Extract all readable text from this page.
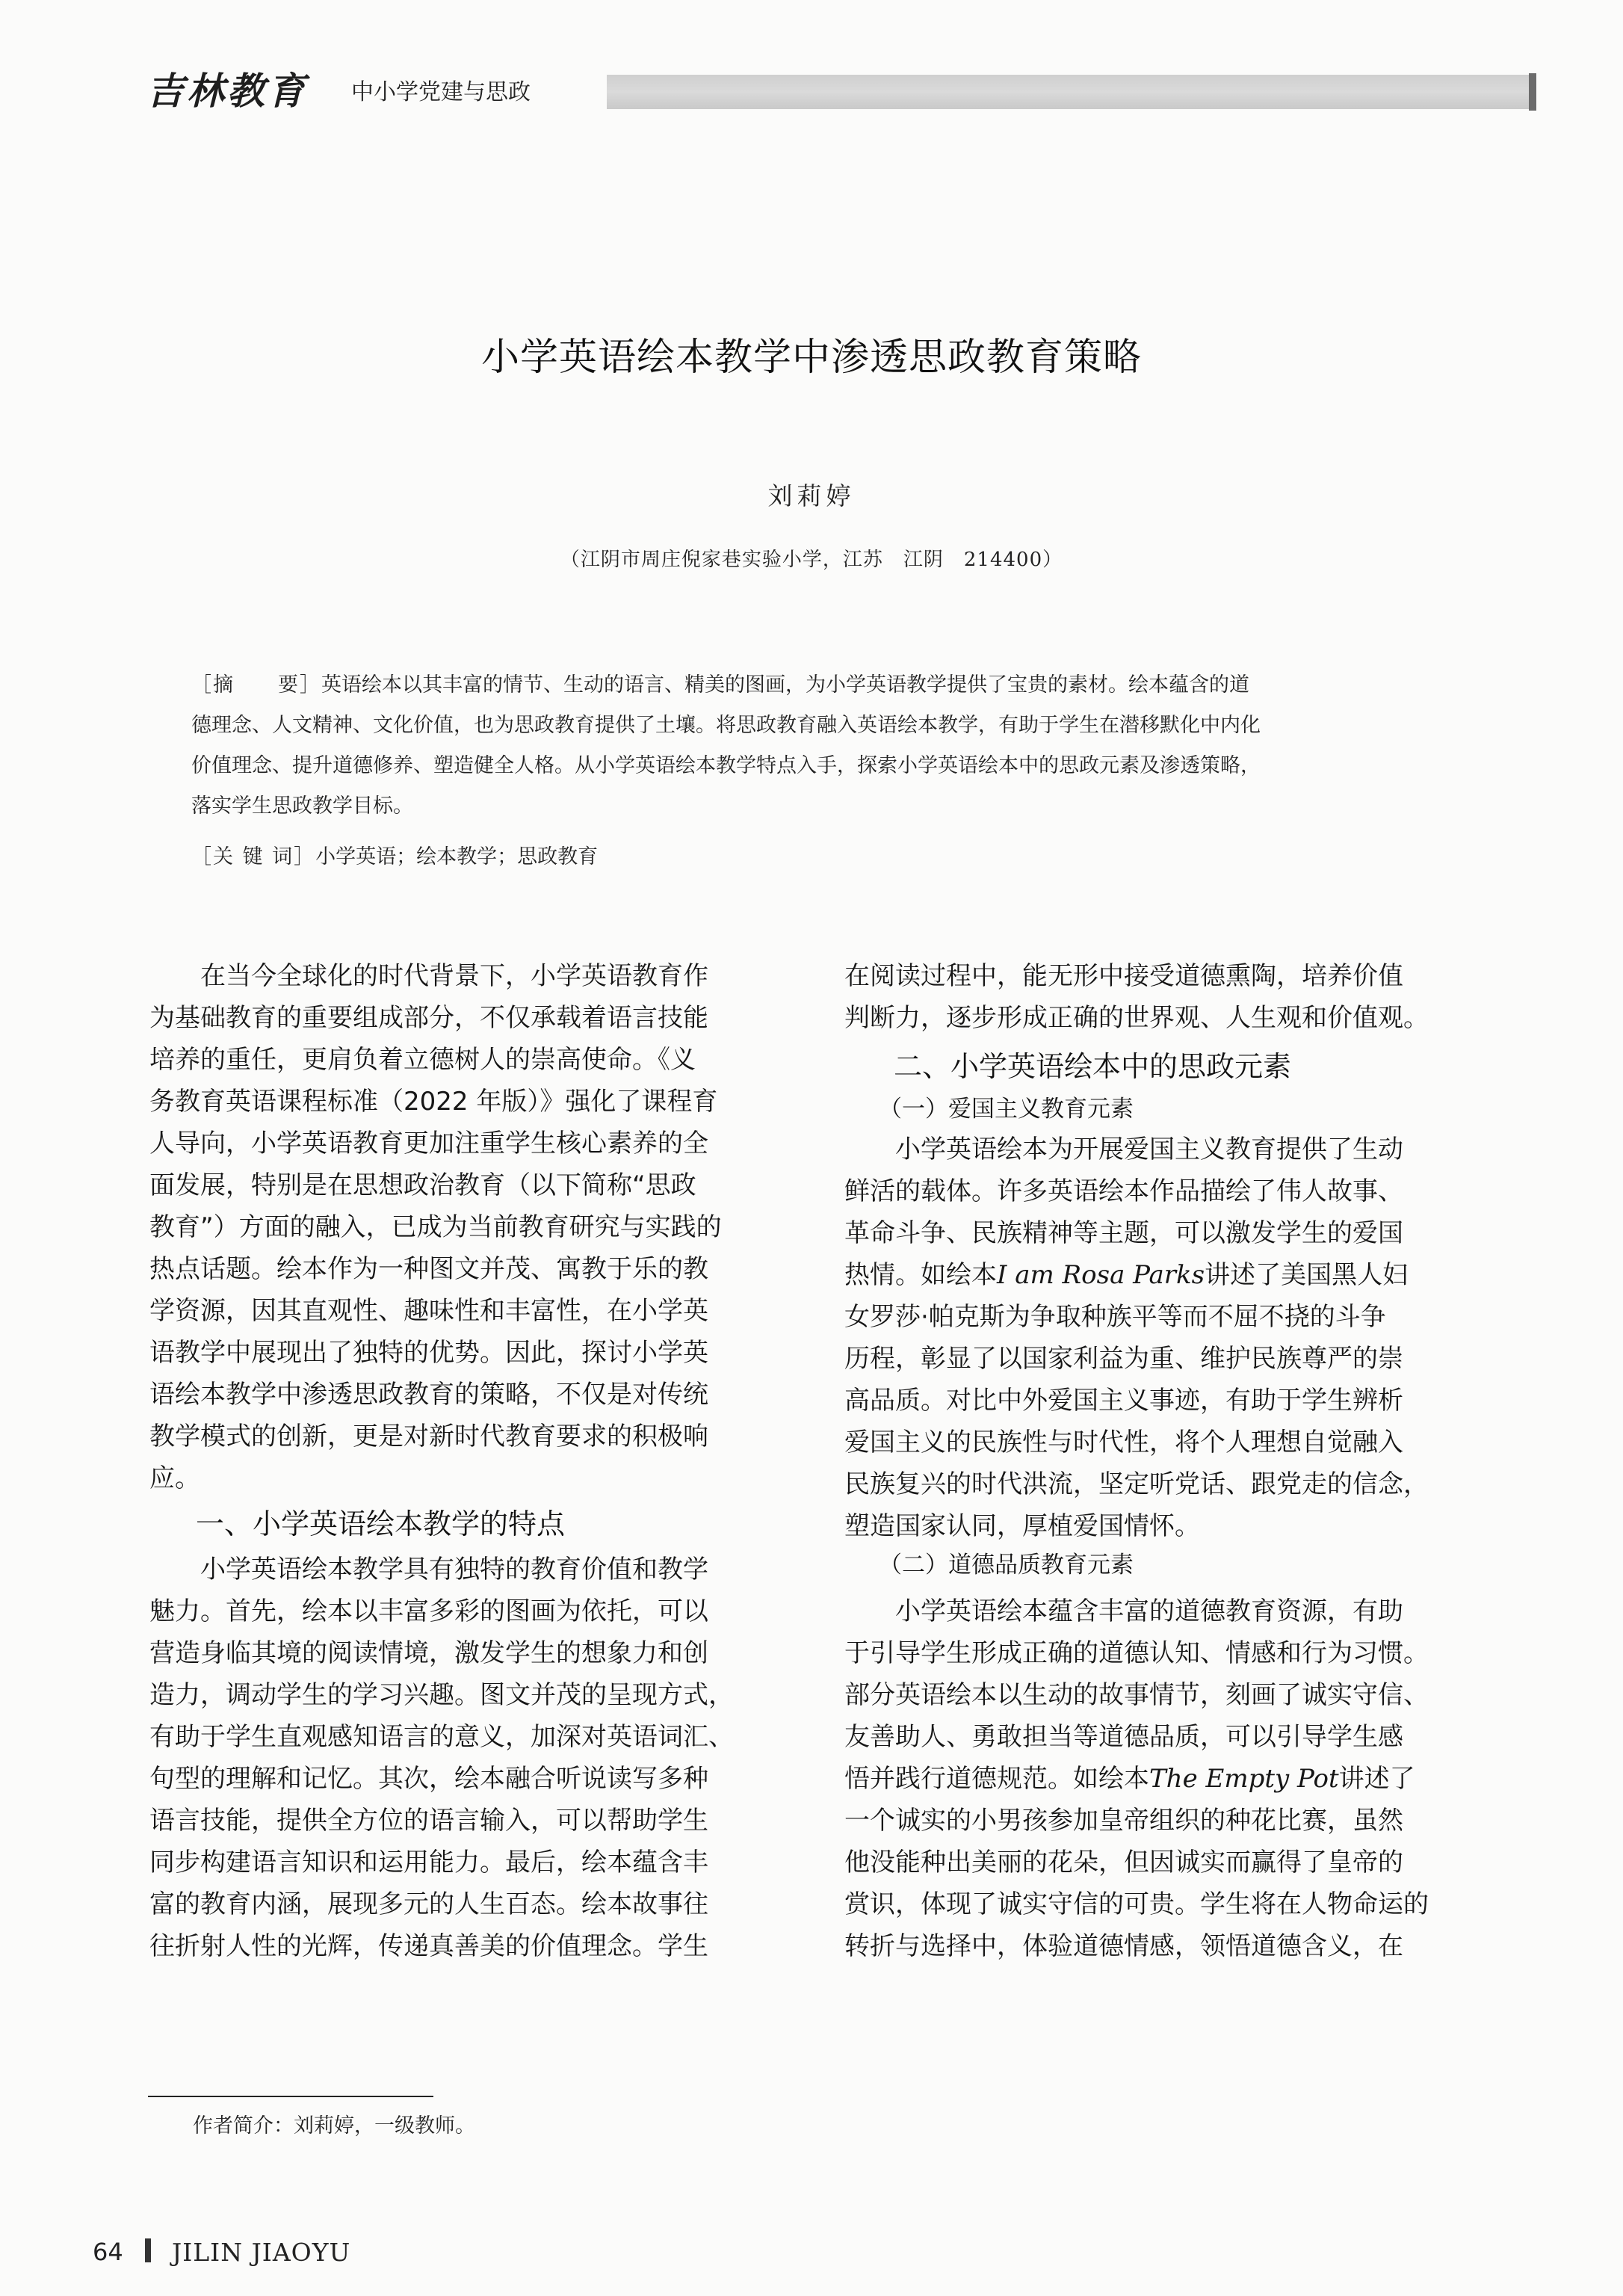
吉林教育 中小学党建与思政
小学英语绘本教学中渗透思政教育策略
刘莉婷
（江阴市周庄倪家巷实验小学，江苏　江阴　214400）
［摘　　要］英语绘本以其丰富的情节、生动的语言、精美的图画，为小学英语教学提供了宝贵的素材。绘本蕴含的道
德理念、人文精神、文化价值，也为思政教育提供了土壤。将思政教育融入英语绘本教学，有助于学生在潜移默化中内化
价值理念、提升道德修养、塑造健全人格。从小学英语绘本教学特点入手，探索小学英语绘本中的思政元素及渗透策略，
落实学生思政教学目标。
［关 键 词］小学英语；绘本教学；思政教育
在当今全球化的时代背景下，小学英语教育作
为基础教育的重要组成部分，不仅承载着语言技能
培养的重任，更肩负着立德树人的崇高使命。《义
务教育英语课程标准（2022 年版）》强化了课程育
人导向，小学英语教育更加注重学生核心素养的全
面发展，特别是在思想政治教育（以下简称“思政
教育”）方面的融入，已成为当前教育研究与实践的
热点话题。绘本作为一种图文并茂、寓教于乐的教
学资源，因其直观性、趣味性和丰富性，在小学英
语教学中展现出了独特的优势。因此，探讨小学英
语绘本教学中渗透思政教育的策略，不仅是对传统
教学模式的创新，更是对新时代教育要求的积极响
应。
一、小学英语绘本教学的特点
小学英语绘本教学具有独特的教育价值和教学
魅力。首先，绘本以丰富多彩的图画为依托，可以
营造身临其境的阅读情境，激发学生的想象力和创
造力，调动学生的学习兴趣。图文并茂的呈现方式，
有助于学生直观感知语言的意义，加深对英语词汇、
句型的理解和记忆。其次，绘本融合听说读写多种
语言技能，提供全方位的语言输入，可以帮助学生
同步构建语言知识和运用能力。最后，绘本蕴含丰
富的教育内涵，展现多元的人生百态。绘本故事往
往折射人性的光辉，传递真善美的价值理念。学生
在阅读过程中，能无形中接受道德熏陶，培养价值
判断力，逐步形成正确的世界观、人生观和价值观。
二、小学英语绘本中的思政元素
（一）爱国主义教育元素
小学英语绘本为开展爱国主义教育提供了生动
鲜活的载体。许多英语绘本作品描绘了伟人故事、
革命斗争、民族精神等主题，可以激发学生的爱国
热情。如绘本I am Rosa Parks讲述了美国黑人妇
女罗莎·帕克斯为争取种族平等而不屈不挠的斗争
历程，彰显了以国家利益为重、维护民族尊严的崇
高品质。对比中外爱国主义事迹，有助于学生辨析
爱国主义的民族性与时代性，将个人理想自觉融入
民族复兴的时代洪流，坚定听党话、跟党走的信念，
塑造国家认同，厚植爱国情怀。
（二）道德品质教育元素
小学英语绘本蕴含丰富的道德教育资源，有助
于引导学生形成正确的道德认知、情感和行为习惯。
部分英语绘本以生动的故事情节，刻画了诚实守信、
友善助人、勇敢担当等道德品质，可以引导学生感
悟并践行道德规范。如绘本The Empty Pot讲述了
一个诚实的小男孩参加皇帝组织的种花比赛，虽然
他没能种出美丽的花朵，但因诚实而赢得了皇帝的
赏识，体现了诚实守信的可贵。学生将在人物命运的
转折与选择中，体验道德情感，领悟道德含义，在
作者简介：刘莉婷，一级教师。
64 JILIN JIAOYU
